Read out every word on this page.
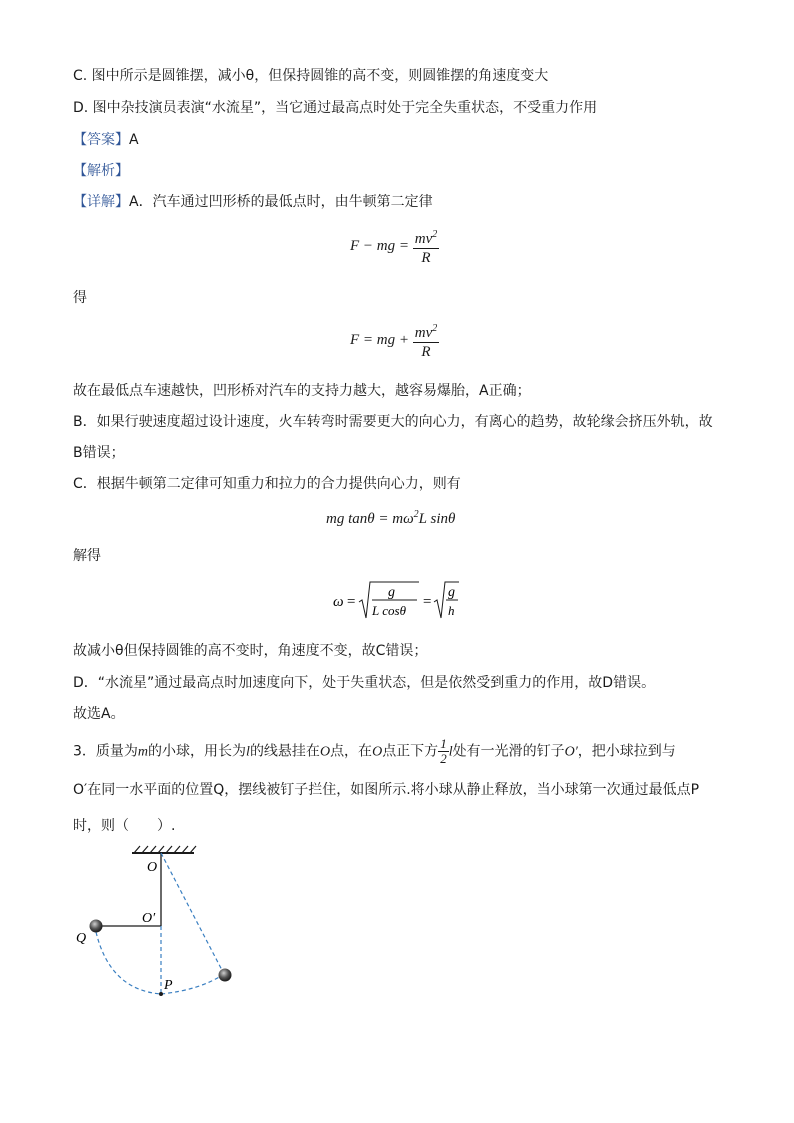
C. 图中所示是圆锥摆，减小θ，但保持圆锥的高不变，则圆锥摆的角速度变大
D. 图中杂技演员表演“水流星”，当它通过最高点时处于完全失重状态，不受重力作用
【答案】A
【解析】
【详解】A．汽车通过凹形桥的最低点时，由牛顿第二定律
F − mg = $\frac{mv^2}{R}$
得
F = mg + $\frac{mv^2}{R}$
故在最低点车速越快，凹形桥对汽车的支持力越大，越容易爆胎，A正确；
B．如果行驶速度超过设计速度，火车转弯时需要更大的向心力，有离心的趋势，故轮缘会挤压外轨，故
B错误；
C．根据牛顿第二定律可知重力和拉力的合力提供向心力，则有
mg $\tan\theta = m\omega^2L$ sinθ
解得
ω =
g
L cosθ
=
g
h
故减小θ但保持圆锥的高不变时，角速度不变，故C错误；
D．“水流星”通过最高点时加速度向下，处于失重状态，但是依然受到重力的作用，故D错误。
故选A。
3．质量为m的小球，用长为l的线悬挂在O点，在O点正下方 $\frac{1}{2}$ l处有一光滑的钉子O′，把小球拉到与
O′在同一水平面的位置Q，摆线被钉子拦住，如图所示.将小球从静止释放，当小球第一次通过最低点P
时，则（　　）.
O
O′
Q
P
